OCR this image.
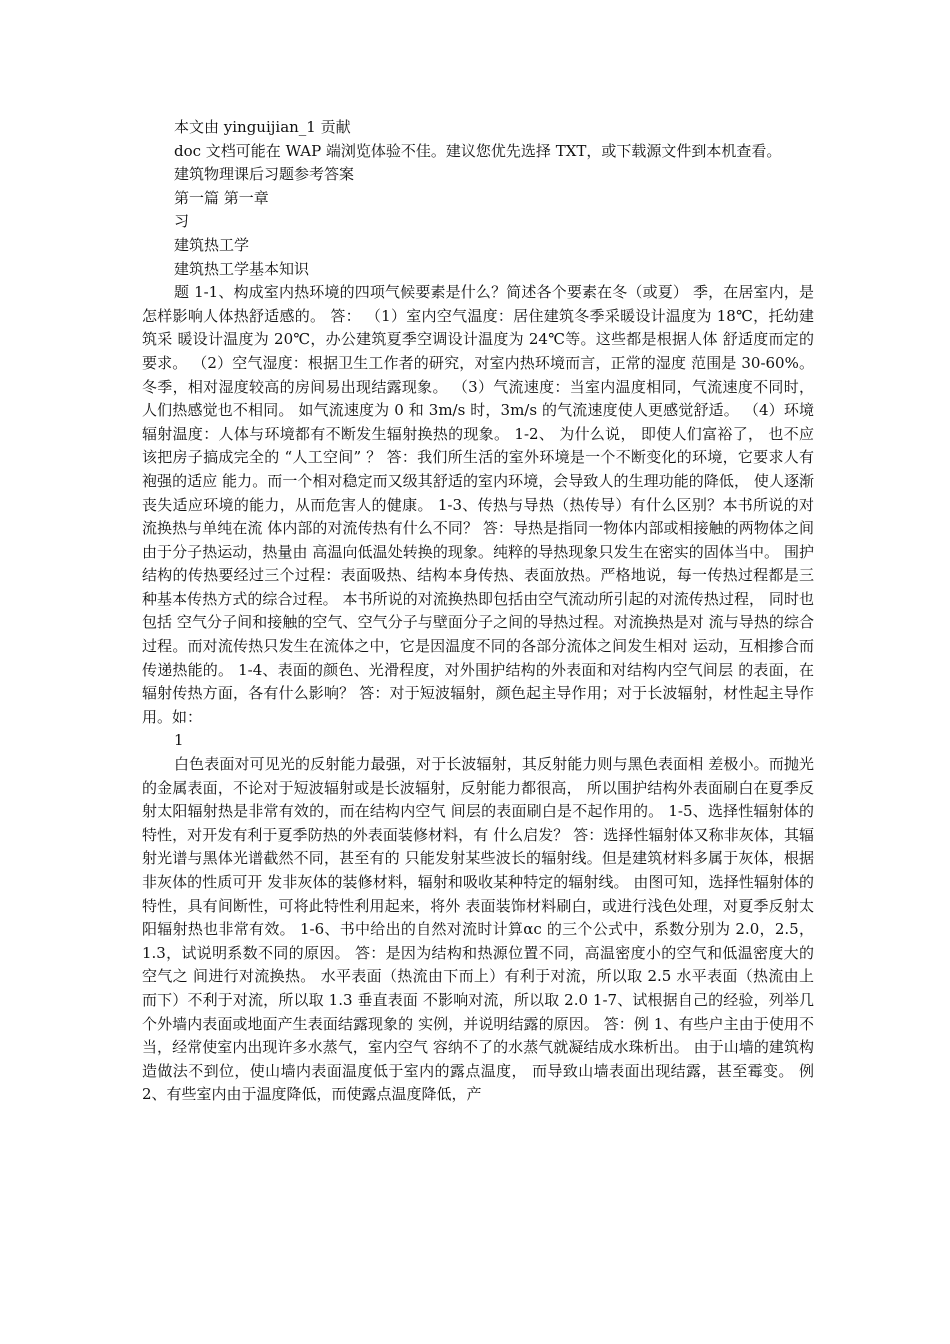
本文由 yinguijian_1 贡献
doc 文档可能在 WAP 端浏览体验不佳。建议您优先选择 TXT，或下载源文件到本机查看。
建筑物理课后习题参考答案
第一篇 第一章
习
建筑热工学
建筑热工学基本知识

题 1-1、构成室内热环境的四项气候要素是什么？简述各个要素在冬（或夏） 季，在居室内，是怎样影响人体热舒适感的。 答： （1）室内空气温度：居住建筑冬季采暖设计温度为 18℃，托幼建筑采 暖设计温度为 20℃，办公建筑夏季空调设计温度为 24℃等。这些都是根据人体 舒适度而定的要求。 （2）空气湿度：根据卫生工作者的研究，对室内热环境而言，正常的湿度 范围是 30-60%。冬季，相对湿度较高的房间易出现结露现象。 （3）气流速度：当室内温度相同，气流速度不同时，人们热感觉也不相同。 如气流速度为 0 和 3m/s 时，3m/s 的气流速度使人更感觉舒适。 （4）环境辐射温度：人体与环境都有不断发生辐射换热的现象。 1-2、 为什么说， 即使人们富裕了， 也不应该把房子搞成完全的 “人工空间” ？ 答：我们所生活的室外环境是一个不断变化的环境，它要求人有袍强的适应 能力。而一个相对稳定而又级其舒适的室内环境，会导致人的生理功能的降低， 使人逐渐丧失适应环境的能力，从而危害人的健康。 1-3、传热与导热（热传导）有什么区别？本书所说的对流换热与单纯在流 体内部的对流传热有什么不同？ 答：导热是指同一物体内部或相接触的两物体之间由于分子热运动，热量由 高温向低温处转换的现象。纯粹的导热现象只发生在密实的固体当中。 围护结构的传热要经过三个过程：表面吸热、结构本身传热、表面放热。严格地说，每一传热过程都是三种基本传热方式的综合过程。 本书所说的对流换热即包括由空气流动所引起的对流传热过程， 同时也包括 空气分子间和接触的空气、空气分子与壁面分子之间的导热过程。对流换热是对 流与导热的综合过程。而对流传热只发生在流体之中，它是因温度不同的各部分流体之间发生相对 运动，互相掺合而传递热能的。 1-4、表面的颜色、光滑程度，对外围护结构的外表面和对结构内空气间层 的表面，在辐射传热方面，各有什么影响？ 答：对于短波辐射，颜色起主导作用；对于长波辐射，材性起主导作用。如：

1

白色表面对可见光的反射能力最强，对于长波辐射，其反射能力则与黑色表面相 差极小。而抛光的金属表面，不论对于短波辐射或是长波辐射，反射能力都很高， 所以围护结构外表面刷白在夏季反射太阳辐射热是非常有效的，而在结构内空气 间层的表面刷白是不起作用的。 1-5、选择性辐射体的特性，对开发有利于夏季防热的外表面装修材料，有 什么启发？ 答：选择性辐射体又称非灰体，其辐射光谱与黑体光谱截然不同，甚至有的 只能发射某些波长的辐射线。但是建筑材料多属于灰体，根据非灰体的性质可开 发非灰体的装修材料，辐射和吸收某种特定的辐射线。 由图可知，选择性辐射体的特性，具有间断性，可将此特性利用起来，将外 表面装饰材料刷白，或进行浅色处理，对夏季反射太阳辐射热也非常有效。 1-6、书中给出的自然对流时计算αc 的三个公式中，系数分别为 2.0，2.5， 1.3，试说明系数不同的原因。 答：是因为结构和热源位置不同，高温密度小的空气和低温密度大的空气之 间进行对流换热。 水平表面（热流由下而上）有利于对流，所以取 2.5 水平表面（热流由上而下）不利于对流，所以取 1.3 垂直表面 不影响对流，所以取 2.0 1-7、试根据自己的经验，列举几个外墙内表面或地面产生表面结露现象的 实例，并说明结露的原因。 答：例 1、有些户主由于使用不当，经常使室内出现许多水蒸气，室内空气 容纳不了的水蒸气就凝结成水珠析出。 由于山墙的建筑构造做法不到位，使山墙内表面温度低于室内的露点温度， 而导致山墙表面出现结露，甚至霉变。 例 2、有些室内由于温度降低，而使露点温度降低，产
